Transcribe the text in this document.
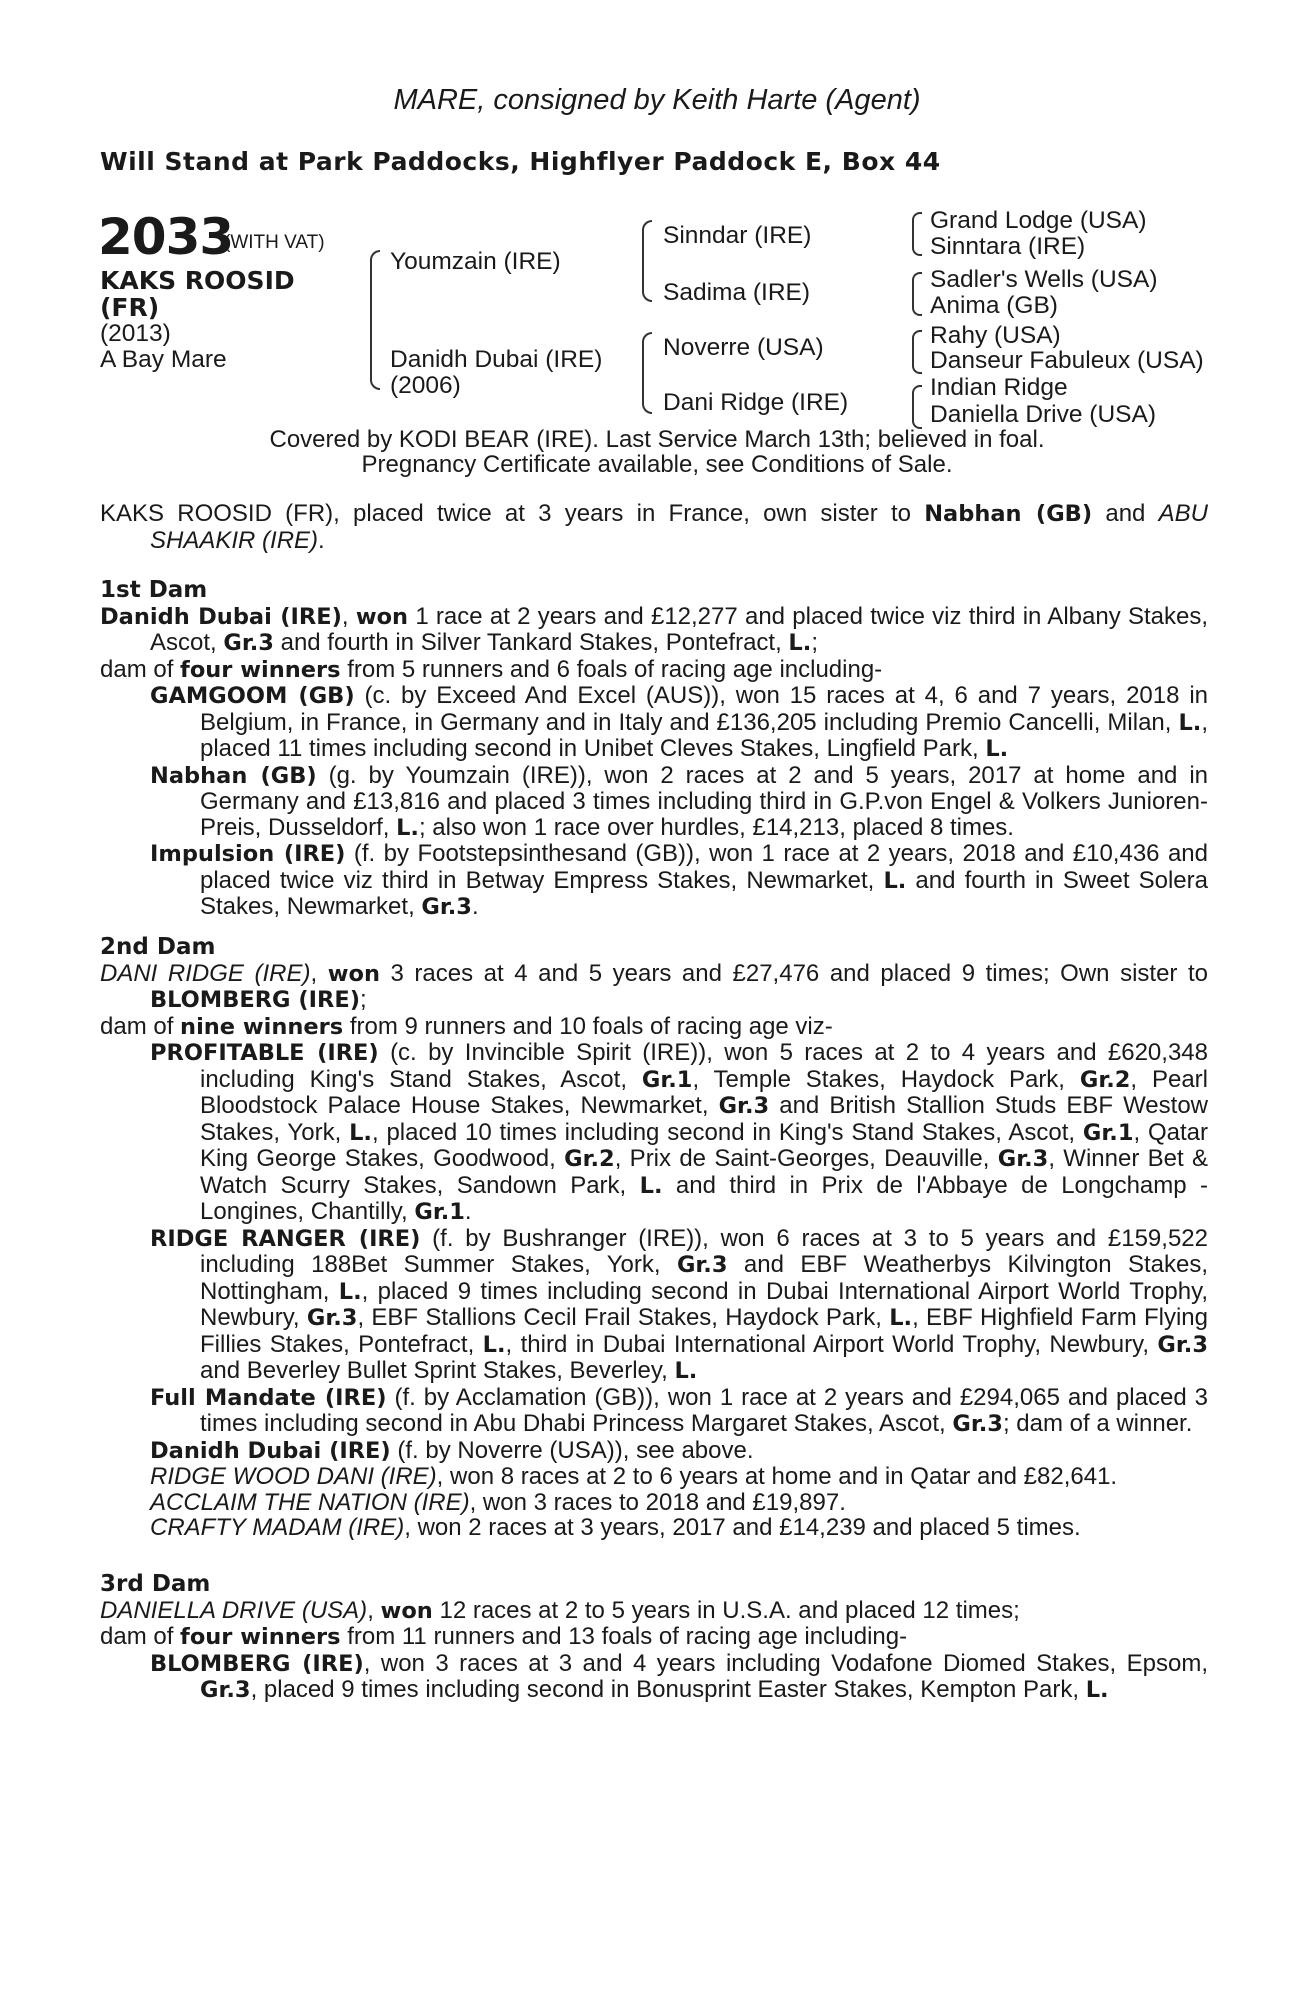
MARE, consigned by Keith Harte (Agent)
Will Stand at Park Paddocks, Highflyer Paddock E, Box 44
2033
(WITH VAT)
KAKS ROOSID
(FR)
(2013)
A Bay Mare
Youmzain (IRE)
Danidh Dubai (IRE)
(2006)
Sinndar (IRE)
Sadima (IRE)
Noverre (USA)
Dani Ridge (IRE)
Grand Lodge (USA)
Sinntara (IRE)
Sadler's Wells (USA)
Anima (GB)
Rahy (USA)
Danseur Fabuleux (USA)
Indian Ridge
Daniella Drive (USA)
Covered by KODI BEAR (IRE). Last Service March 13th; believed in foal.
Pregnancy Certificate available, see Conditions of Sale.

KAKS ROOSID (FR), placed twice at 3 years in France, own sister to Nabhan (GB) and ABU SHAAKIR (IRE).

1st Dam

Danidh Dubai (IRE), won 1 race at 2 years and £12,277 and placed twice viz third in Albany Stakes, Ascot, Gr.3 and fourth in Silver Tankard Stakes, Pontefract, L.;

dam of four winners from 5 runners and 6 foals of racing age including-

GAMGOOM (GB) (c. by Exceed And Excel (AUS)), won 15 races at 4, 6 and 7 years, 2018 in Belgium, in France, in Germany and in Italy and £136,205 including Premio Cancelli, Milan, L., placed 11 times including second in Unibet Cleves Stakes, Lingfield Park, L.

Nabhan (GB) (g. by Youmzain (IRE)), won 2 races at 2 and 5 years, 2017 at home and in Germany and £13,816 and placed 3 times including third in G.P.von Engel & Volkers Junioren-Preis, Dusseldorf, L.; also won 1 race over hurdles, £14,213, placed 8 times.

Impulsion (IRE) (f. by Footstepsinthesand (GB)), won 1 race at 2 years, 2018 and £10,436 and placed twice viz third in Betway Empress Stakes, Newmarket, L. and fourth in Sweet Solera Stakes, Newmarket, Gr.3.

2nd Dam

DANI RIDGE (IRE), won 3 races at 4 and 5 years and £27,476 and placed 9 times; Own sister to BLOMBERG (IRE);

dam of nine winners from 9 runners and 10 foals of racing age viz-

PROFITABLE (IRE) (c. by Invincible Spirit (IRE)), won 5 races at 2 to 4 years and £620,348 including King's Stand Stakes, Ascot, Gr.1, Temple Stakes, Haydock Park, Gr.2, Pearl Bloodstock Palace House Stakes, Newmarket, Gr.3 and British Stallion Studs EBF Westow Stakes, York, L., placed 10 times including second in King's Stand Stakes, Ascot, Gr.1, Qatar King George Stakes, Goodwood, Gr.2, Prix de Saint-Georges, Deauville, Gr.3, Winner Bet & Watch Scurry Stakes, Sandown Park, L. and third in Prix de l'Abbaye de Longchamp - Longines, Chantilly, Gr.1.

RIDGE RANGER (IRE) (f. by Bushranger (IRE)), won 6 races at 3 to 5 years and £159,522 including 188Bet Summer Stakes, York, Gr.3 and EBF Weatherbys Kilvington Stakes, Nottingham, L., placed 9 times including second in Dubai International Airport World Trophy, Newbury, Gr.3, EBF Stallions Cecil Frail Stakes, Haydock Park, L., EBF Highfield Farm Flying Fillies Stakes, Pontefract, L., third in Dubai International Airport World Trophy, Newbury, Gr.3 and Beverley Bullet Sprint Stakes, Beverley, L.

Full Mandate (IRE) (f. by Acclamation (GB)), won 1 race at 2 years and £294,065 and placed 3 times including second in Abu Dhabi Princess Margaret Stakes, Ascot, Gr.3; dam of a winner.

Danidh Dubai (IRE) (f. by Noverre (USA)), see above.

RIDGE WOOD DANI (IRE), won 8 races at 2 to 6 years at home and in Qatar and £82,641.

ACCLAIM THE NATION (IRE), won 3 races to 2018 and £19,897.

CRAFTY MADAM (IRE), won 2 races at 3 years, 2017 and £14,239 and placed 5 times.

3rd Dam

DANIELLA DRIVE (USA), won 12 races at 2 to 5 years in U.S.A. and placed 12 times;

dam of four winners from 11 runners and 13 foals of racing age including-

BLOMBERG (IRE), won 3 races at 3 and 4 years including Vodafone Diomed Stakes, Epsom, Gr.3, placed 9 times including second in Bonusprint Easter Stakes, Kempton Park, L.
